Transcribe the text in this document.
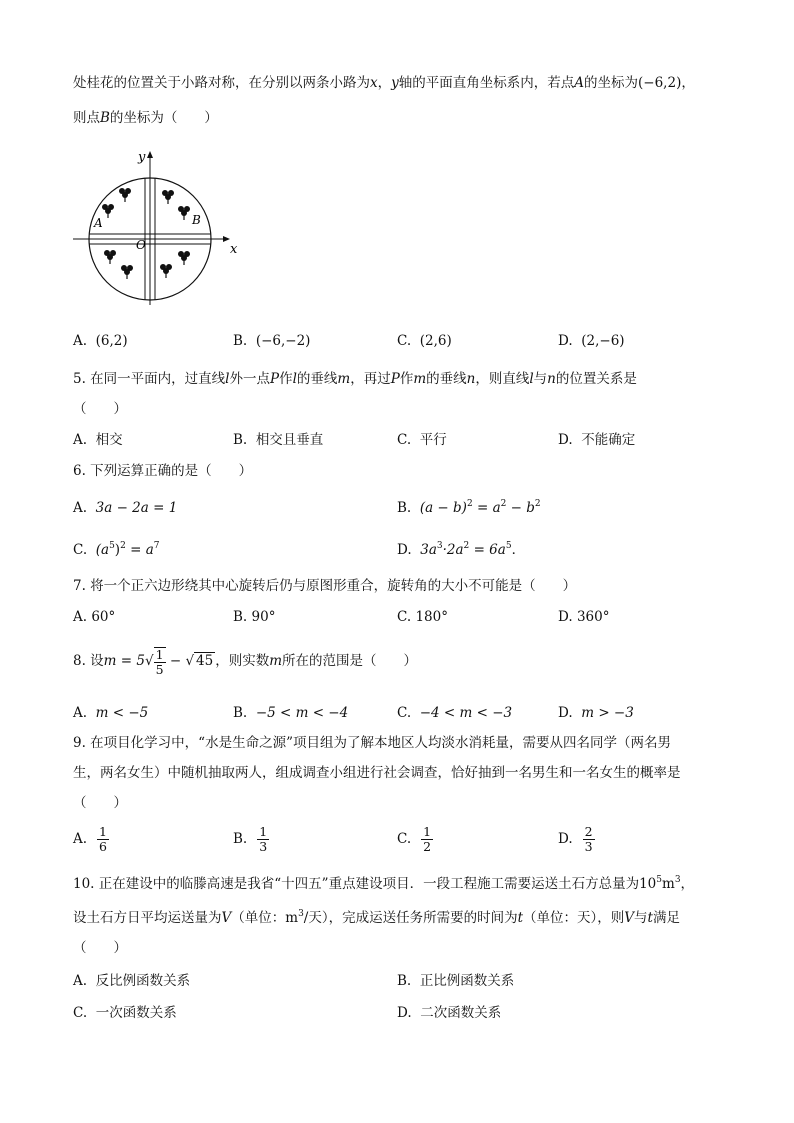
处桂花的位置关于小路对称，在分别以两条小路为x，y轴的平面直角坐标系内，若点A的坐标为(−6,2)，
则点B的坐标为（　　）
x
y
O
A	B
A. (6,2)	B. (−6,−2)	C. (2,6)	D. (2,−6)
5. 在同一平面内，过直线l外一点P作l的垂线m，再过P作m的垂线n，则直线l与n的位置关系是
（　　）
A. 相交	B. 相交且垂直	C. 平行	D. 不能确定
6. 下列运算正确的是（　　）
A. 3a − 2a = 1	B. $(a - b)^2 = a^2 - b^2$
C. $(a^5)^2 = a^7$	D. $3a^3\cdot 2a^2 = 6a^5$．
7. 将一个正六边形绕其中心旋转后仍与原图形重合，旋转角的大小不可能是（　　）
A. 60°	B. 90°	C. 180°	D. 360°
8. 设$m = 5√ \frac{1}{5}$ − √ 45 ，则实数m所在的范围是（　　）
A. m < −5	B. −5 < m < −4	C. −4 < m < −3	D. m > −3
9. 在项目化学习中，“水是生命之源”项目组为了解本地区人均淡水消耗量，需要从四名同学（两名男
生，两名女生）中随机抽取两人，组成调查小组进行社会调查，恰好抽到一名男生和一名女生的概率是
（　　）
A. $\frac{1}{6}$	B. $\frac{1}{3}$	C. $\frac{1}{2}$	D. $\frac{2}{3}$
10. 正在建设中的临滕高速是我省“十四五”重点建设项目．一段工程施工需要运送土石方总量为$10^5m^3$，
设土石方日平均运送量为V（单位：$m^3/$天），完成运送任务所需要的时间为t（单位：天），则V与t满足
（　　）
A. 反比例函数关系	B. 正比例函数关系
C. 一次函数关系	D. 二次函数关系
